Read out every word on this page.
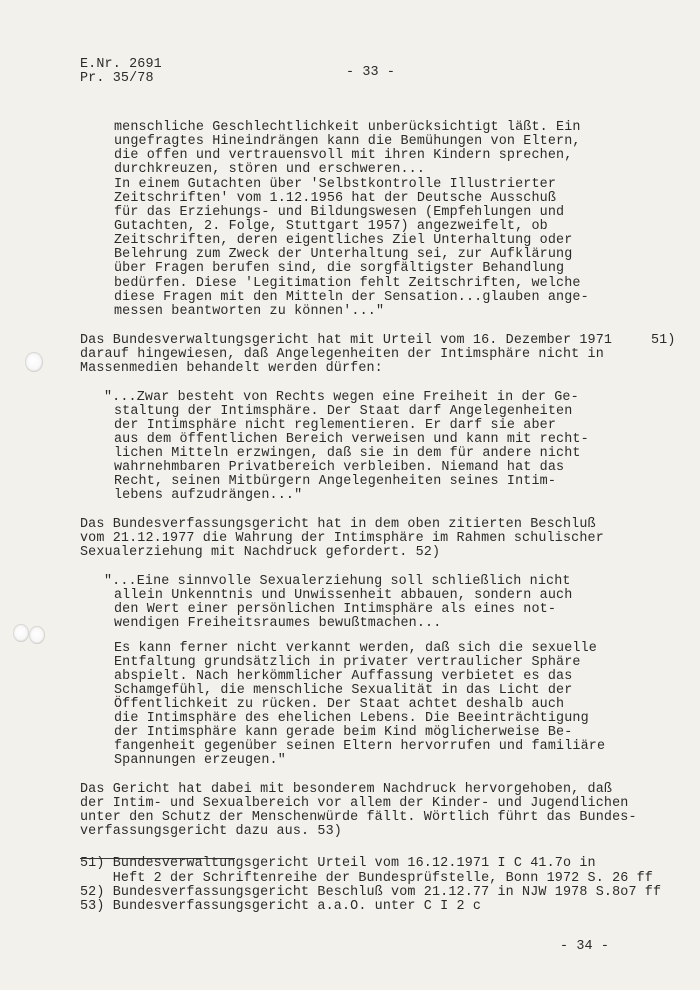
E.Nr. 2691
Pr. 35/78	- 33 -
menschliche Geschlechtlichkeit unberücksichtigt läßt. Ein
ungefragtes Hineindrängen kann die Bemühungen von Eltern,
die offen und vertrauensvoll mit ihren Kindern sprechen,
durchkreuzen, stören und erschweren...
In einem Gutachten über 'Selbstkontrolle Illustrierter
Zeitschriften' vom 1.12.1956 hat der Deutsche Ausschuß
für das Erziehungs- und Bildungswesen (Empfehlungen und
Gutachten, 2. Folge, Stuttgart 1957) angezweifelt, ob
Zeitschriften, deren eigentliches Ziel Unterhaltung oder
Belehrung zum Zweck der Unterhaltung sei, zur Aufklärung
über Fragen berufen sind, die sorgfältigster Behandlung
bedürfen. Diese 'Legitimation fehlt Zeitschriften, welche
diese Fragen mit den Mitteln der Sensation...glauben ange-
messen beantworten zu können'..."
Das Bundesverwaltungsgericht hat mit Urteil vom 16. Dezember 1971
darauf hingewiesen, daß Angelegenheiten der Intimsphäre nicht in
Massenmedien behandelt werden dürfen:
"...Zwar besteht von Rechts wegen eine Freiheit in der Ge-
staltung der Intimsphäre. Der Staat darf Angelegenheiten
der Intimsphäre nicht reglementieren. Er darf sie aber
aus dem öffentlichen Bereich verweisen und kann mit recht-
lichen Mitteln erzwingen, daß sie in dem für andere nicht
wahrnehmbaren Privatbereich verbleiben. Niemand hat das
Recht, seinen Mitbürgern Angelegenheiten seines Intim-
lebens aufzudrängen..."
Das Bundesverfassungsgericht hat in dem oben zitierten Beschluß
vom 21.12.1977 die Wahrung der Intimsphäre im Rahmen schulischer
Sexualerziehung mit Nachdruck gefordert. 52)
"...Eine sinnvolle Sexualerziehung soll schließlich nicht
allein Unkenntnis und Unwissenheit abbauen, sondern auch
den Wert einer persönlichen Intimsphäre als eines not-
wendigen Freiheitsraumes bewußtmachen...
Es kann ferner nicht verkannt werden, daß sich die sexuelle
Entfaltung grundsätzlich in privater vertraulicher Sphäre
abspielt. Nach herkömmlicher Auffassung verbietet es das
Schamgefühl, die menschliche Sexualität in das Licht der
Öffentlichkeit zu rücken. Der Staat achtet deshalb auch
die Intimsphäre des ehelichen Lebens. Die Beeinträchtigung
der Intimsphäre kann gerade beim Kind möglicherweise Be-
fangenheit gegenüber seinen Eltern hervorrufen und familiäre
Spannungen erzeugen."
Das Gericht hat dabei mit besonderem Nachdruck hervorgehoben, daß
der Intim- und Sexualbereich vor allem der Kinder- und Jugendlichen
unter den Schutz der Menschenwürde fällt. Wörtlich führt das Bundes-
verfassungsgericht dazu aus. 53)
51)
51) Bundesverwaltungsgericht Urteil vom 16.12.1971 I C 41.7o in
Heft 2 der Schriftenreihe der Bundesprüfstelle, Bonn 1972 S. 26 ff
52) Bundesverfassungsgericht Beschluß vom 21.12.77 in NJW 1978 S.8o7 ff
53) Bundesverfassungsgericht a.a.O. unter C I 2 c
- 34 -
